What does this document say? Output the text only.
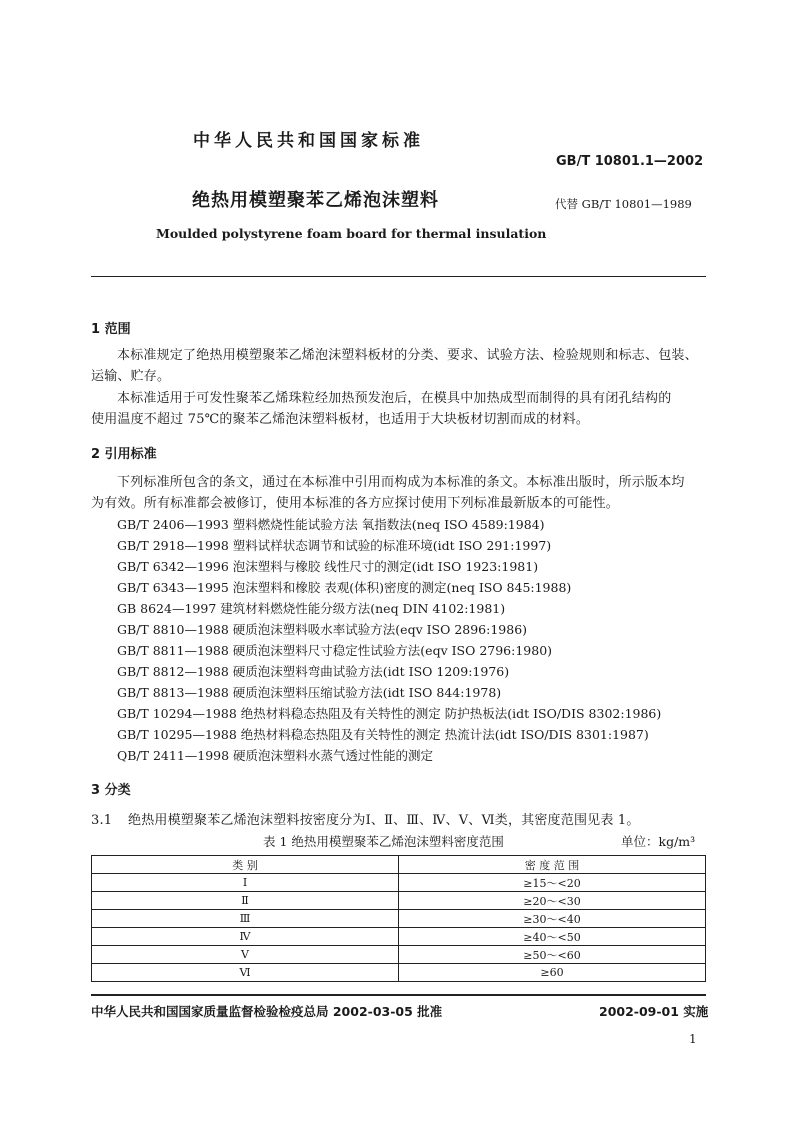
中华人民共和国国家标准
GB/T 10801.1—2002
绝热用模塑聚苯乙烯泡沫塑料	代替 GB/T 10801—1989
Moulded polystyrene foam board for thermal insulation
1 范围
本标准规定了绝热用模塑聚苯乙烯泡沫塑料板材的分类、要求、试验方法、检验规则和标志、包装、
运输、贮存。
本标准适用于可发性聚苯乙烯珠粒经加热预发泡后，在模具中加热成型而制得的具有闭孔结构的
使用温度不超过 75℃的聚苯乙烯泡沫塑料板材，也适用于大块板材切割而成的材料。
2 引用标准
下列标准所包含的条文，通过在本标准中引用而构成为本标准的条文。本标准出版时，所示版本均
为有效。所有标准都会被修订，使用本标准的各方应探讨使用下列标准最新版本的可能性。
GB/T 2406—1993 塑料燃烧性能试验方法 氧指数法(neq ISO 4589:1984)
GB/T 2918—1998 塑料试样状态调节和试验的标准环境(idt ISO 291:1997)
GB/T 6342—1996 泡沫塑料与橡胶 线性尺寸的测定(idt ISO 1923:1981)
GB/T 6343—1995 泡沫塑料和橡胶 表观(体积)密度的测定(neq ISO 845:1988)
GB 8624—1997 建筑材料燃烧性能分级方法(neq DIN 4102:1981)
GB/T 8810—1988 硬质泡沫塑料吸水率试验方法(eqv ISO 2896:1986)
GB/T 8811—1988 硬质泡沫塑料尺寸稳定性试验方法(eqv ISO 2796:1980)
GB/T 8812—1988 硬质泡沫塑料弯曲试验方法(idt ISO 1209:1976)
GB/T 8813—1988 硬质泡沫塑料压缩试验方法(idt ISO 844:1978)
GB/T 10294—1988 绝热材料稳态热阻及有关特性的测定 防护热板法(idt ISO/DIS 8302:1986)
GB/T 10295—1988 绝热材料稳态热阻及有关特性的测定 热流计法(idt ISO/DIS 8301:1987)
QB/T 2411—1998 硬质泡沫塑料水蒸气透过性能的测定
3 分类
3.1 绝热用模塑聚苯乙烯泡沫塑料按密度分为Ⅰ、Ⅱ、Ⅲ、Ⅳ、Ⅴ、Ⅵ类，其密度范围见表 1。
表 1 绝热用模塑聚苯乙烯泡沫塑料密度范围	单位：kg/m³
类 别	密 度 范 围
Ⅰ	≥15～<20
Ⅱ	≥20～<30
Ⅲ	≥30～<40
Ⅳ	≥40～<50
Ⅴ	≥50～<60
Ⅵ	≥60
中华人民共和国国家质量监督检验检疫总局 2002-03-05 批准	2002-09-01 实施
1
